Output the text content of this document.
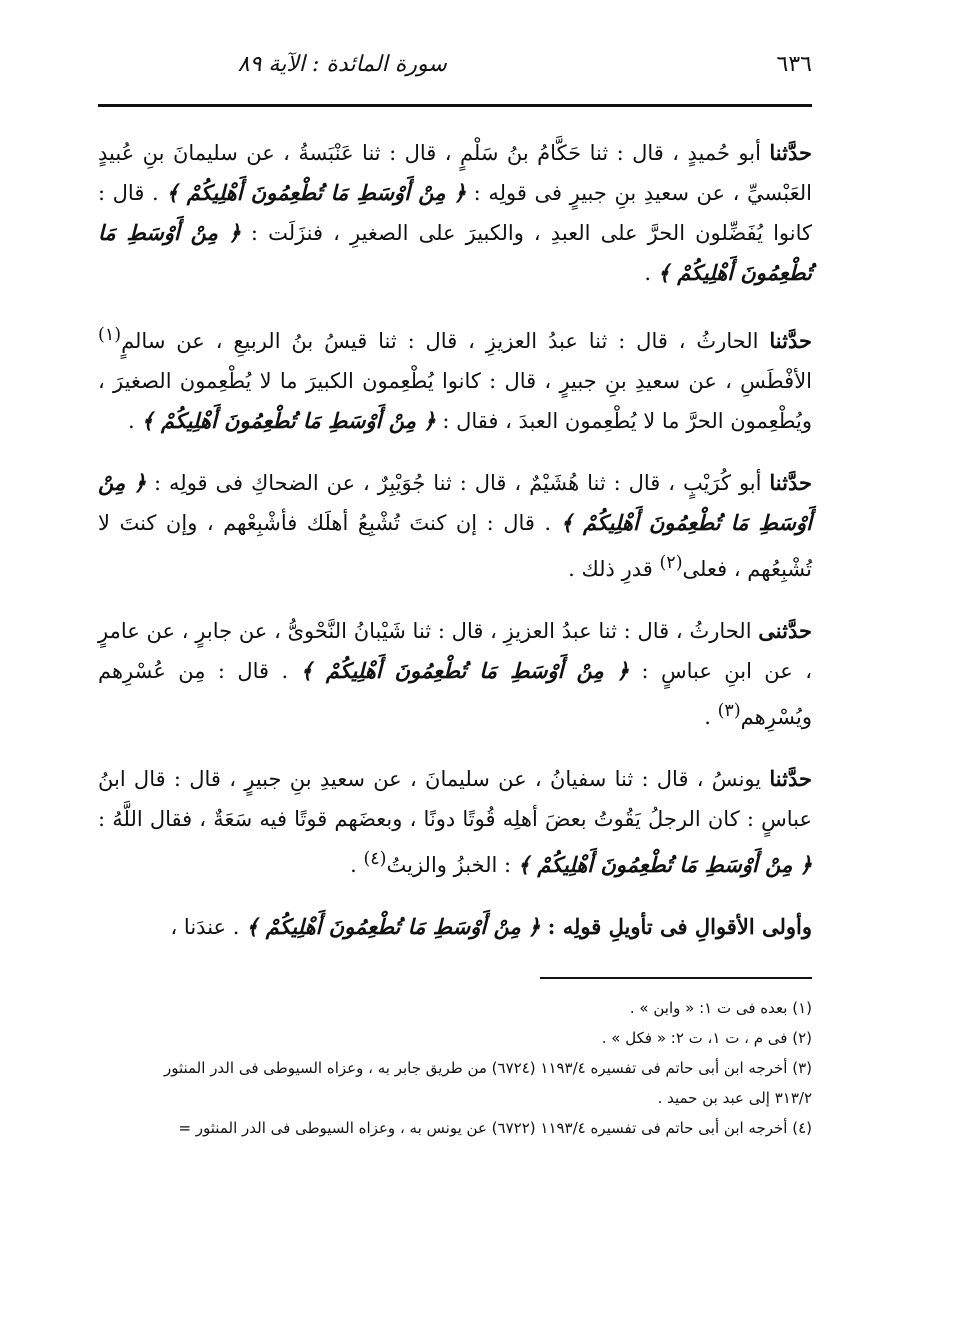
٦٣٦
سورة المائدة : الآية ٨٩
حدَّثنا أبو حُميدٍ ، قال : ثنا حَكَّامُ بنُ سَلْمٍ ، قال : ثنا عَنْبَسةُ ، عن سليمانَ بنِ عُبيدٍ العَبْسيِّ ، عن سعيدِ بنِ جبيرٍ فى قولِه : ﴿ مِنْ أَوْسَطِ مَا تُطْعِمُونَ أَهْلِيكُمْ ﴾ . قال : كانوا يُفَضِّلون الحرَّ على العبدِ ، والكبيرَ على الصغيرِ ، فنزَلَت : ﴿ مِنْ أَوْسَطِ مَا تُطْعِمُونَ أَهْلِيكُمْ ﴾ .
حدَّثنا الحارثُ ، قال : ثنا عبدُ العزيزِ ، قال : ثنا قيسُ بنُ الربيعِ ، عن سالمٍ$^{(١)}$ الأفْطَسِ ، عن سعيدِ بنِ جبيرٍ ، قال : كانوا يُطْعِمون الكبيرَ ما لا يُطْعِمون الصغيرَ ، ويُطْعِمون الحرَّ ما لا يُطْعِمون العبدَ ، فقال : ﴿ مِنْ أَوْسَطِ مَا تُطْعِمُونَ أَهْلِيكُمْ ﴾ .
حدَّثنا أبو كُرَيْبٍ ، قال : ثنا هُشَيْمٌ ، قال : ثنا جُوَيْبِرٌ ، عن الضحاكِ فى قولِه : ﴿ مِنْ أَوْسَطِ مَا تُطْعِمُونَ أَهْلِيكُمْ ﴾ . قال : إن كنتَ تُشْبِعُ أهلَك فأشْبِعْهم ، وإن كنتَ لا تُشْبِعُهم ، فعلى$^{(٢)}$ قدرِ ذلك .
حدَّثنى الحارثُ ، قال : ثنا عبدُ العزيزِ ، قال : ثنا شَيْبانُ النَّحْوىُّ ، عن جابرٍ ، عن عامرٍ ، عن ابنِ عباسٍ : ﴿ مِنْ أَوْسَطِ مَا تُطْعِمُونَ أَهْلِيكُمْ ﴾ . قال : مِن عُسْرِهم ويُسْرِهم$^{(٣)}$ .
حدَّثنا يونسُ ، قال : ثنا سفيانُ ، عن سليمانَ ، عن سعيدِ بنِ جبيرٍ ، قال : قال ابنُ عباسٍ : كان الرجلُ يَقُوتُ بعضَ أهلِه قُوتًا دونًا ، وبعضَهم قوتًا فيه سَعَةٌ ، فقال اللَّهُ : ﴿ مِنْ أَوْسَطِ مَا تُطْعِمُونَ أَهْلِيكُمْ ﴾ : الخبزُ والزيتُ$^{(٤)}$ .
وأولى الأقوالِ فى تأويلِ قولِه : ﴿ مِنْ أَوْسَطِ مَا تُطْعِمُونَ أَهْلِيكُمْ ﴾ . عندَنا ،
(١) بعده فى ت ١: « وابن » .
(٢) فى م ، ت ١، ت ٢: « فكل » .
(٣) أخرجه ابن أبى حاتم فى تفسيره ١١٩٣/٤ (٦٧٢٤) من طريق جابر به ، وعزاه السيوطى فى الدر المنثور
٣١٣/٢ إلى عبد بن حميد .
(٤) أخرجه ابن أبى حاتم فى تفسيره ١١٩٣/٤ (٦٧٢٢) عن يونس به ، وعزاه السيوطى فى الدر المنثور =
